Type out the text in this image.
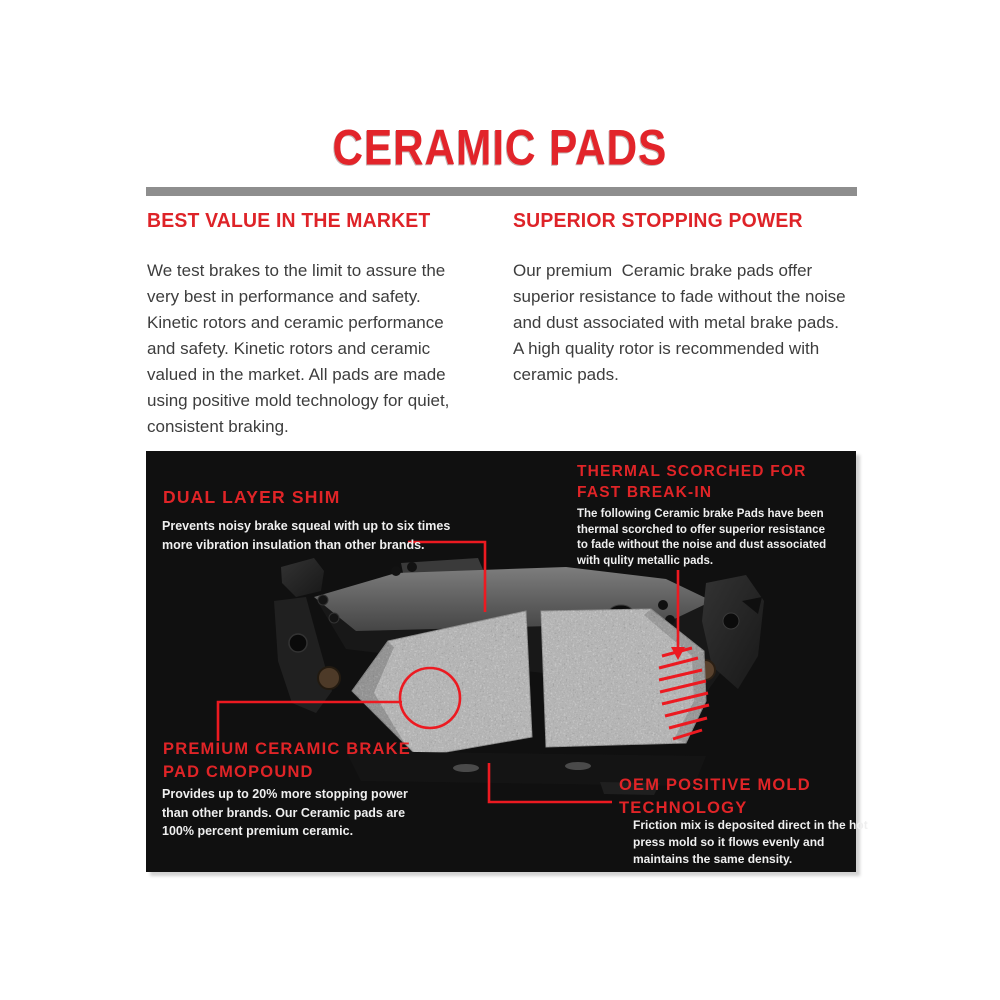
CERAMIC PADS
BEST VALUE IN THE MARKET
We test brakes to the limit to assure the
very best in performance and safety.
Kinetic rotors and ceramic performance
and safety. Kinetic rotors and ceramic
valued in the market. All pads are made
using positive mold technology for quiet,
consistent braking.
SUPERIOR STOPPING POWER
Our premium  Ceramic brake pads offer
superior resistance to fade without the noise
and dust associated with metal brake pads.
A high quality rotor is recommended with
ceramic pads.
DUAL LAYER SHIM
Prevents noisy brake squeal with up to six times
more vibration insulation than other brands.
THERMAL SCORCHED FOR
FAST BREAK-IN
The following Ceramic brake Pads have been
thermal scorched to offer superior resistance
to fade without the noise and dust associated
with qulity metallic pads.
PREMIUM CERAMIC BRAKE
PAD CMOPOUND
Provides up to 20% more stopping power
than other brands. Our Ceramic pads are
100% percent premium ceramic.
OEM POSITIVE MOLD
TECHNOLOGY
Friction mix is deposited direct in the hot
press mold so it flows evenly and
maintains the same density.
